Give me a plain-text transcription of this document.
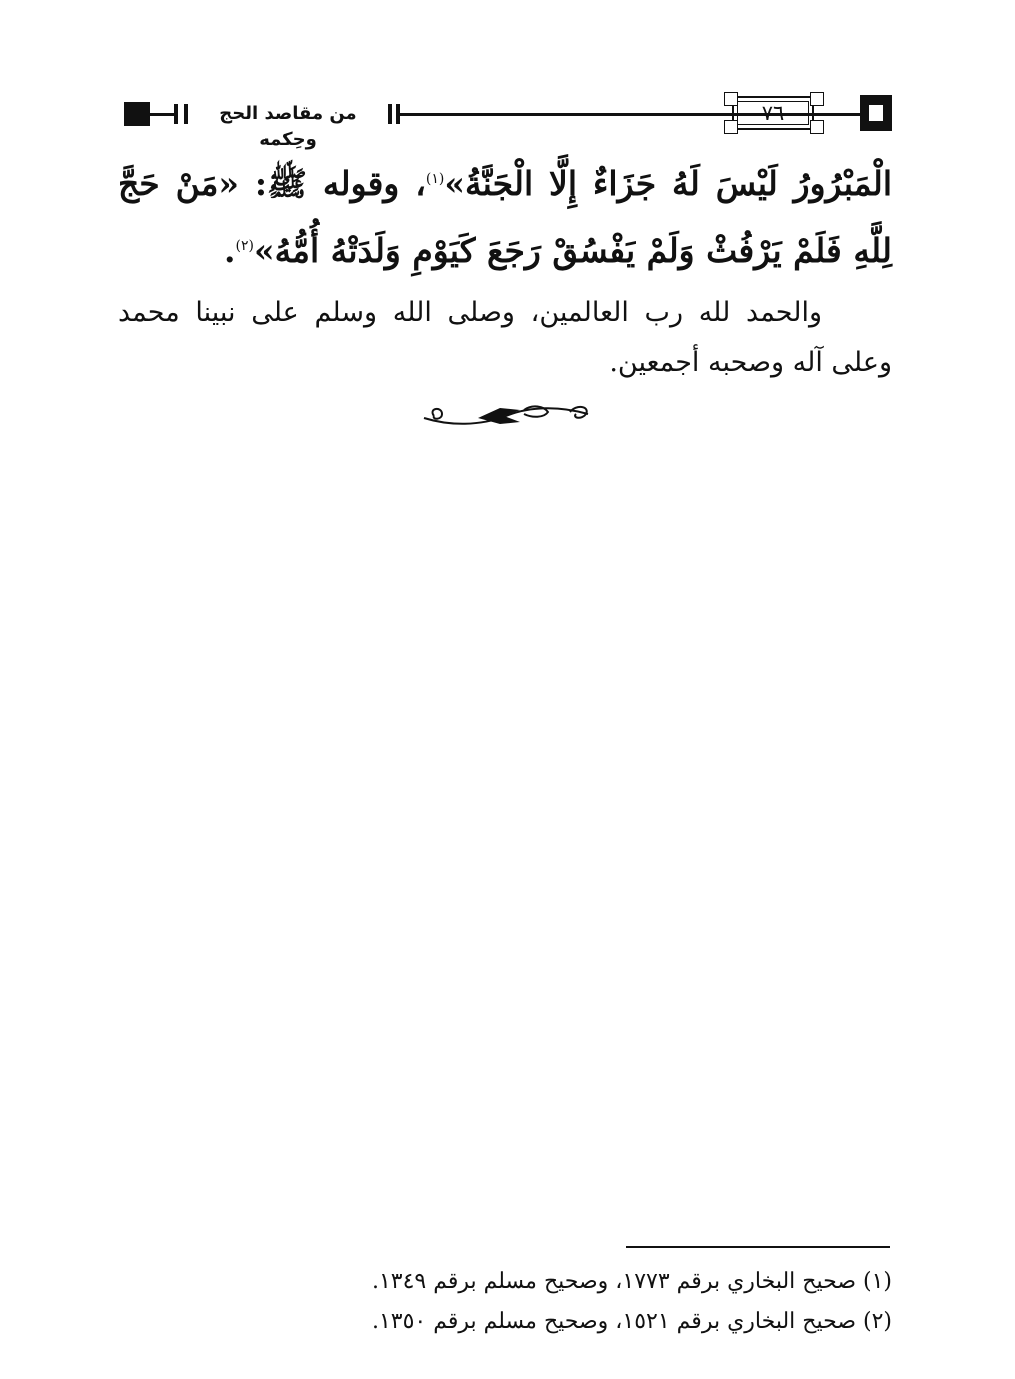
من مقاصد الحج وحِكمه
٧٦

الْمَبْرُورُ لَيْسَ لَهُ جَزَاءٌ إِلَّا الْجَنَّةُ»$^{(١)}$، وقوله ﷺ: «مَنْ حَجَّ لِلَّهِ فَلَمْ يَرْفُثْ وَلَمْ يَفْسُقْ رَجَعَ كَيَوْمِ وَلَدَتْهُ أُمُّهُ»$^{(٢)}$.

والحمد لله رب العالمين، وصلى الله وسلم على نبينا محمد وعلى آله وصحبه أجمعين.

(١) صحيح البخاري برقم ١٧٧٣، وصحيح مسلم برقم ١٣٤٩.
(٢) صحيح البخاري برقم ١٥٢١، وصحيح مسلم برقم ١٣٥٠.
